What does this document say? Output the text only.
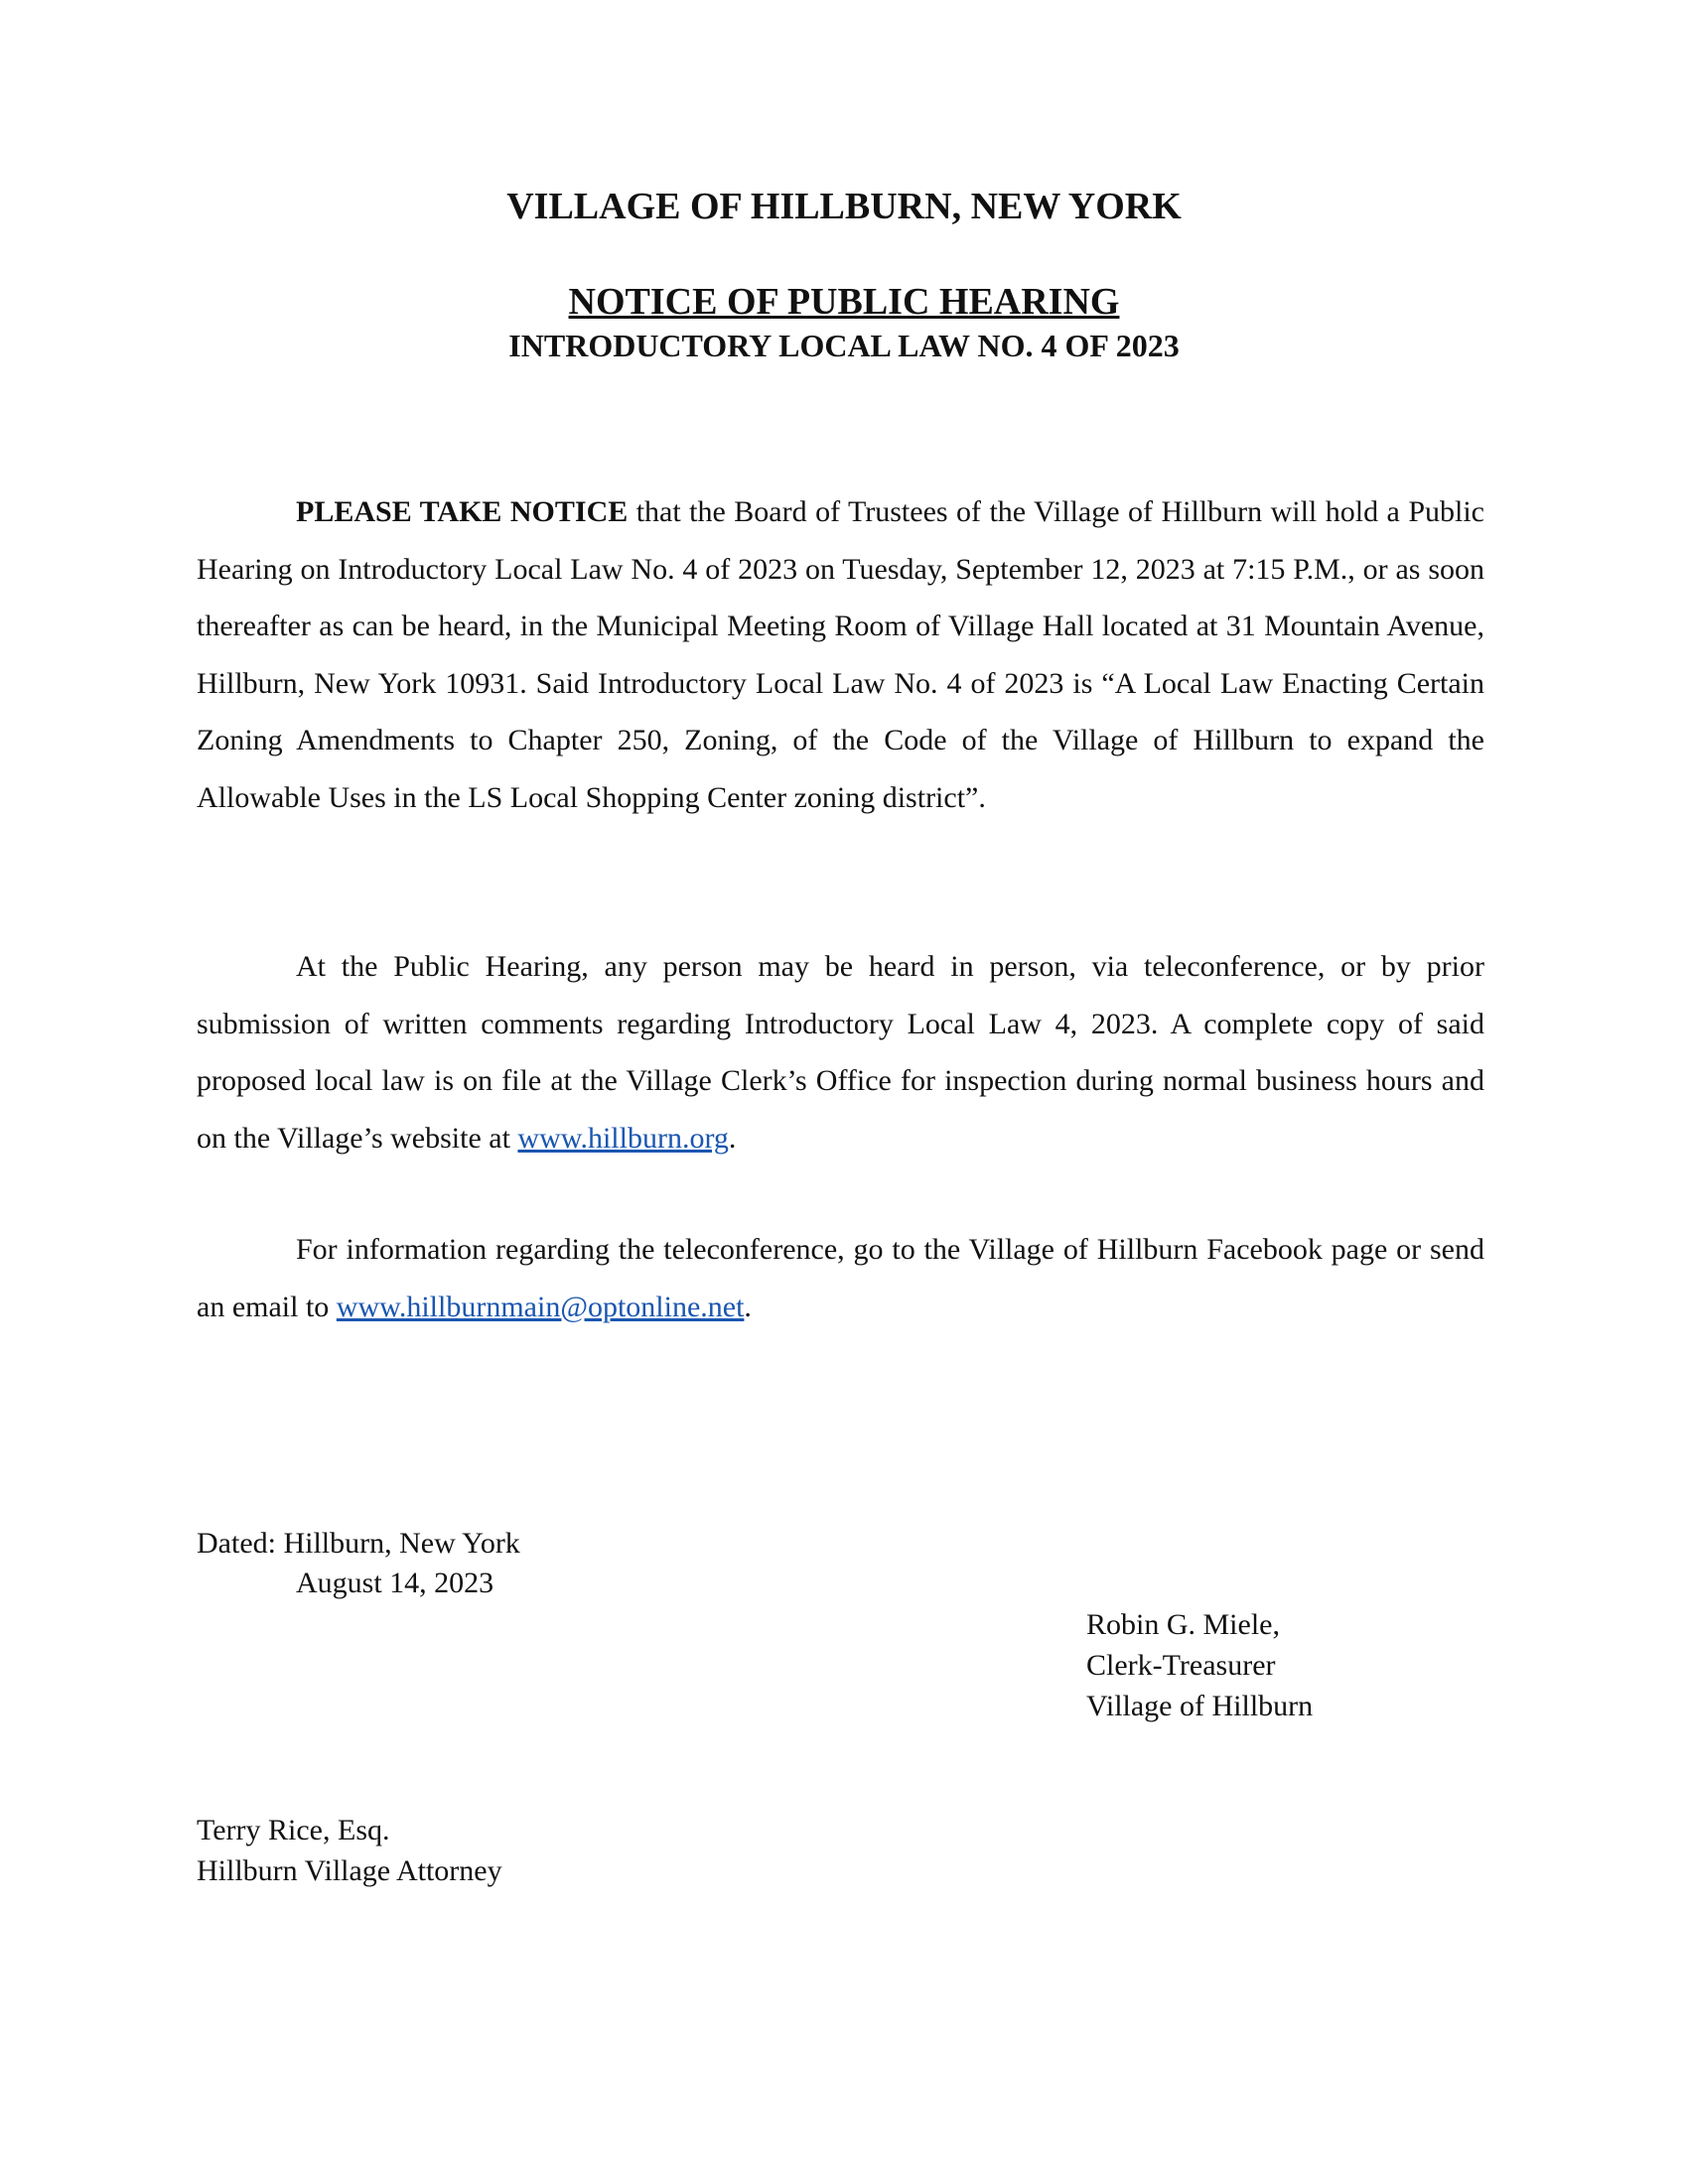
VILLAGE OF HILLBURN, NEW YORK
NOTICE OF PUBLIC HEARING
INTRODUCTORY LOCAL LAW NO. 4 OF 2023

PLEASE TAKE NOTICE that the Board of Trustees of the Village of Hillburn will hold a Public Hearing on Introductory Local Law No. 4 of 2023 on Tuesday, September 12, 2023 at 7:15 P.M., or as soon thereafter as can be heard, in the Municipal Meeting Room of Village Hall located at 31 Mountain Avenue, Hillburn, New York 10931. Said Introductory Local Law No. 4 of 2023 is “A Local Law Enacting Certain Zoning Amendments to Chapter 250, Zoning, of the Code of the Village of Hillburn to expand the Allowable Uses in the LS Local Shopping Center zoning district”.

At the Public Hearing, any person may be heard in person, via teleconference, or by prior submission of written comments regarding Introductory Local Law 4, 2023. A complete copy of said proposed local law is on file at the Village Clerk’s Office for inspection during normal business hours and on the Village’s website at www.hillburn.org.

For information regarding the teleconference, go to the Village of Hillburn Facebook page or send an email to www.hillburnmain@optonline.net.

Dated: Hillburn, New York

August 14, 2023

Robin G. Miele,

Clerk-Treasurer

Village of Hillburn

Terry Rice, Esq.

Hillburn Village Attorney
